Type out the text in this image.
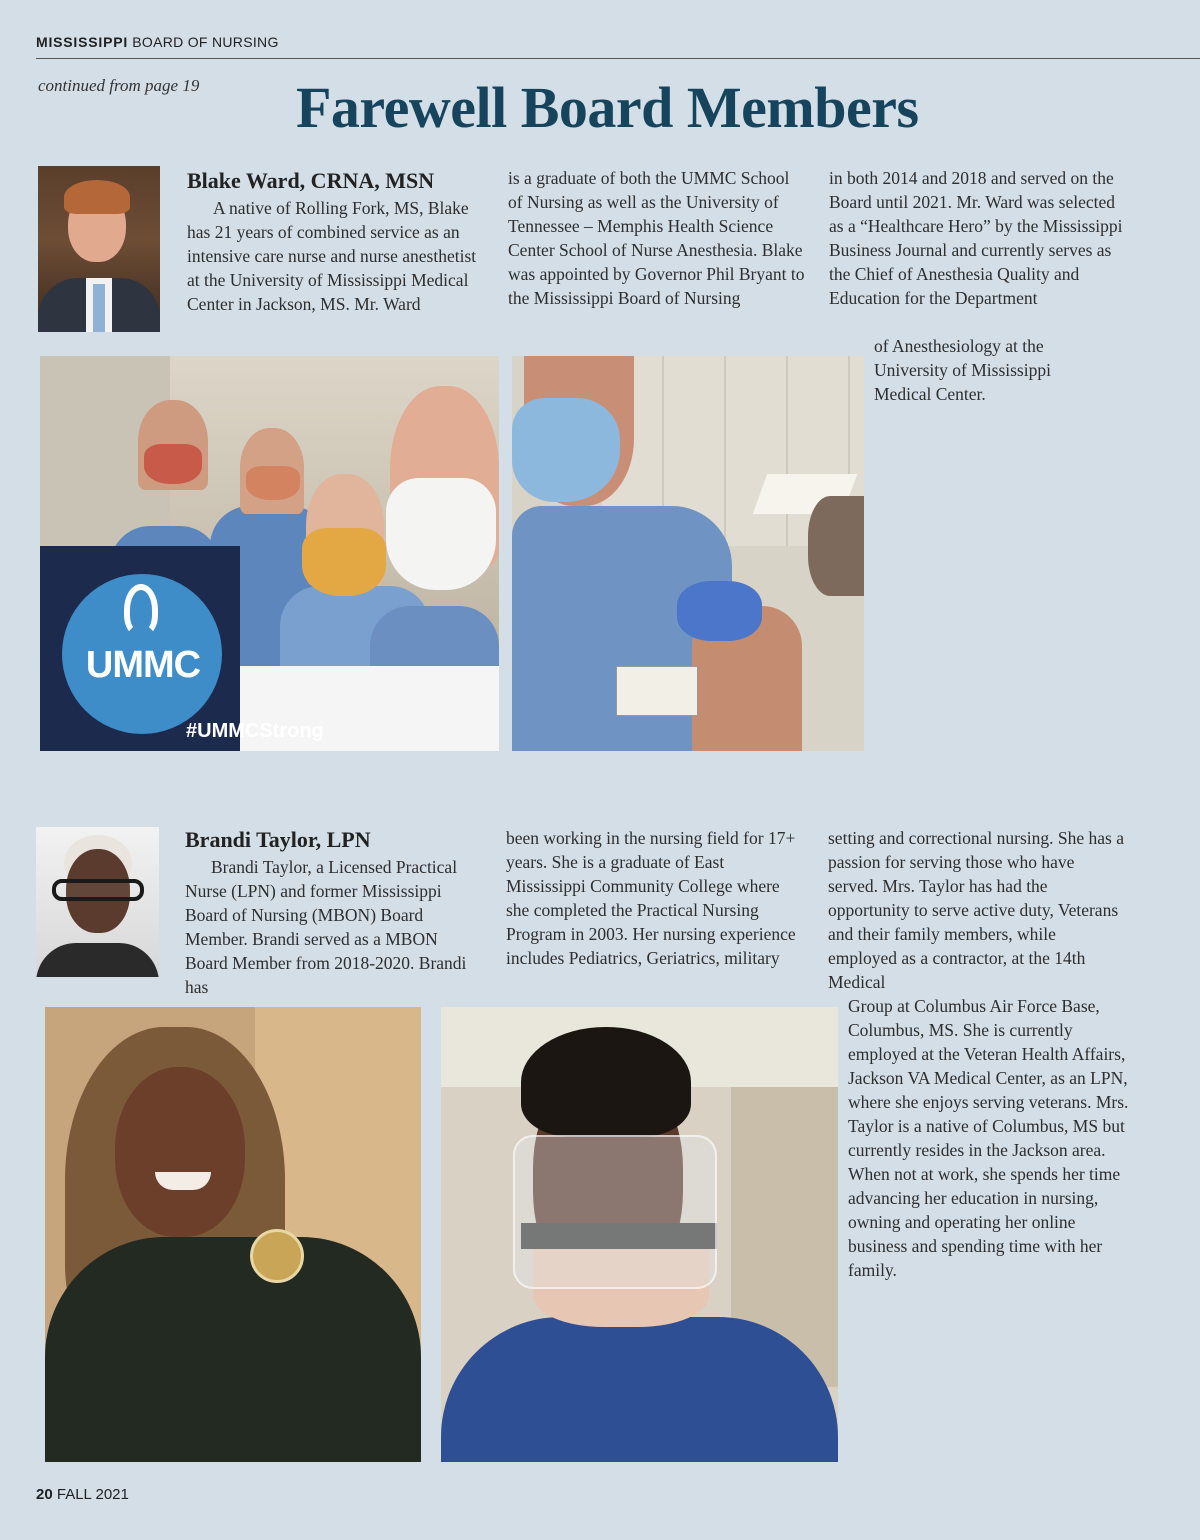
MISSISSIPPI BOARD OF NURSING
continued from page 19 Farewell Board Members
Blake Ward, CRNA, MSN

A native of Rolling Fork, MS, Blake has 21 years of combined service as an intensive care nurse and nurse anesthetist at the University of Mississippi Medical Center in Jackson, MS. Mr. Ward

is a graduate of both the UMMC School of Nursing as well as the University of Tennessee – Memphis Health Science Center School of Nurse Anesthesia. Blake was appointed by Governor Phil Bryant to the Mississippi Board of Nursing

in both 2014 and 2018 and served on the Board until 2021. Mr. Ward was selected as a “Healthcare Hero” by the Mississippi Business Journal and currently serves as the Chief of Anesthesia Quality and Education for the Department

of Anesthesiology at the University of Mississippi Medical Center.

UMMC
#UMMCStrong
Brandi Taylor, LPN

Brandi Taylor, a Licensed Practical Nurse (LPN) and former Mississippi Board of Nursing (MBON) Board Member. Brandi served as a MBON Board Member from 2018-2020. Brandi has

been working in the nursing field for 17+ years. She is a graduate of East Mississippi Community College where she completed the Practical Nursing Program in 2003. Her nursing experience includes Pediatrics, Geriatrics, military

setting and correctional nursing. She has a passion for serving those who have served. Mrs. Taylor has had the opportunity to serve active duty, Veterans and their family members, while employed as a contractor, at the 14th Medical

Group at Columbus Air Force Base, Columbus, MS. She is currently employed at the Veteran Health Affairs, Jackson VA Medical Center, as an LPN, where she enjoys serving veterans. Mrs. Taylor is a native of Columbus, MS but currently resides in the Jackson area. When not at work, she spends her time advancing her education in nursing, owning and operating her online business and spending time with her family.

20 FALL 2021
